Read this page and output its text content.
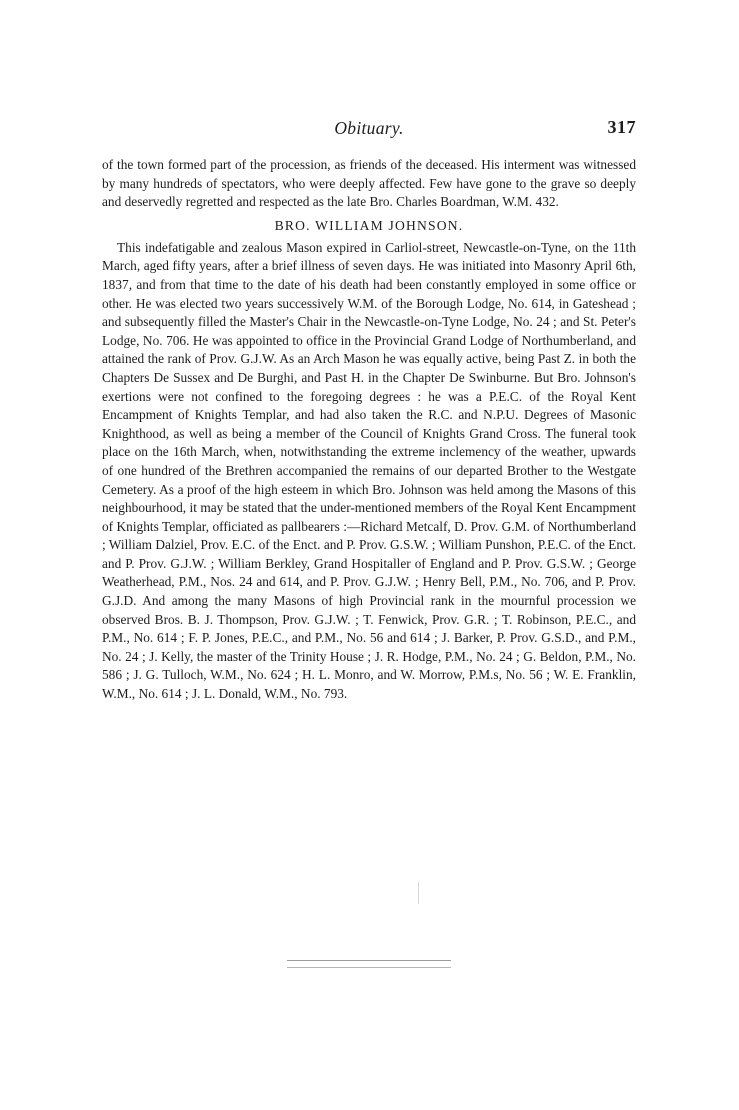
Obituary.	317

of the town formed part of the procession, as friends of the deceased. His interment was witnessed by many hundreds of spectators, who were deeply affected. Few have gone to the grave so deeply and deservedly regretted and respected as the late Bro. Charles Boardman, W.M. 432.

BRO. WILLIAM JOHNSON.

This indefatigable and zealous Mason expired in Carliol-street, Newcastle-on-Tyne, on the 11th March, aged fifty years, after a brief illness of seven days. He was initiated into Masonry April 6th, 1837, and from that time to the date of his death had been constantly employed in some office or other. He was elected two years successively W.M. of the Borough Lodge, No. 614, in Gateshead ; and subsequently filled the Master's Chair in the Newcastle-on-Tyne Lodge, No. 24 ; and St. Peter's Lodge, No. 706. He was appointed to office in the Provincial Grand Lodge of Northumberland, and attained the rank of Prov. G.J.W. As an Arch Mason he was equally active, being Past Z. in both the Chapters De Sussex and De Burghi, and Past H. in the Chapter De Swinburne. But Bro. Johnson's exertions were not confined to the foregoing degrees : he was a P.E.C. of the Royal Kent Encampment of Knights Templar, and had also taken the R.C. and N.P.U. Degrees of Masonic Knighthood, as well as being a member of the Council of Knights Grand Cross. The funeral took place on the 16th March, when, notwithstanding the extreme inclemency of the weather, upwards of one hundred of the Brethren accompanied the remains of our departed Brother to the Westgate Cemetery. As a proof of the high esteem in which Bro. Johnson was held among the Masons of this neighbourhood, it may be stated that the under-mentioned members of the Royal Kent Encampment of Knights Templar, officiated as pallbearers :—Richard Metcalf, D. Prov. G.M. of Northumberland ; William Dalziel, Prov. E.C. of the Enct. and P. Prov. G.S.W. ; William Punshon, P.E.C. of the Enct. and P. Prov. G.J.W. ; William Berkley, Grand Hospitaller of England and P. Prov. G.S.W. ; George Weatherhead, P.M., Nos. 24 and 614, and P. Prov. G.J.W. ; Henry Bell, P.M., No. 706, and P. Prov. G.J.D. And among the many Masons of high Provincial rank in the mournful procession we observed Bros. B. J. Thompson, Prov. G.J.W. ; T. Fenwick, Prov. G.R. ; T. Robinson, P.E.C., and P.M., No. 614 ; F. P. Jones, P.E.C., and P.M., No. 56 and 614 ; J. Barker, P. Prov. G.S.D., and P.M., No. 24 ; J. Kelly, the master of the Trinity House ; J. R. Hodge, P.M., No. 24 ; G. Beldon, P.M., No. 586 ; J. G. Tulloch, W.M., No. 624 ; H. L. Monro, and W. Morrow, P.M.s, No. 56 ; W. E. Franklin, W.M., No. 614 ; J. L. Donald, W.M., No. 793.
